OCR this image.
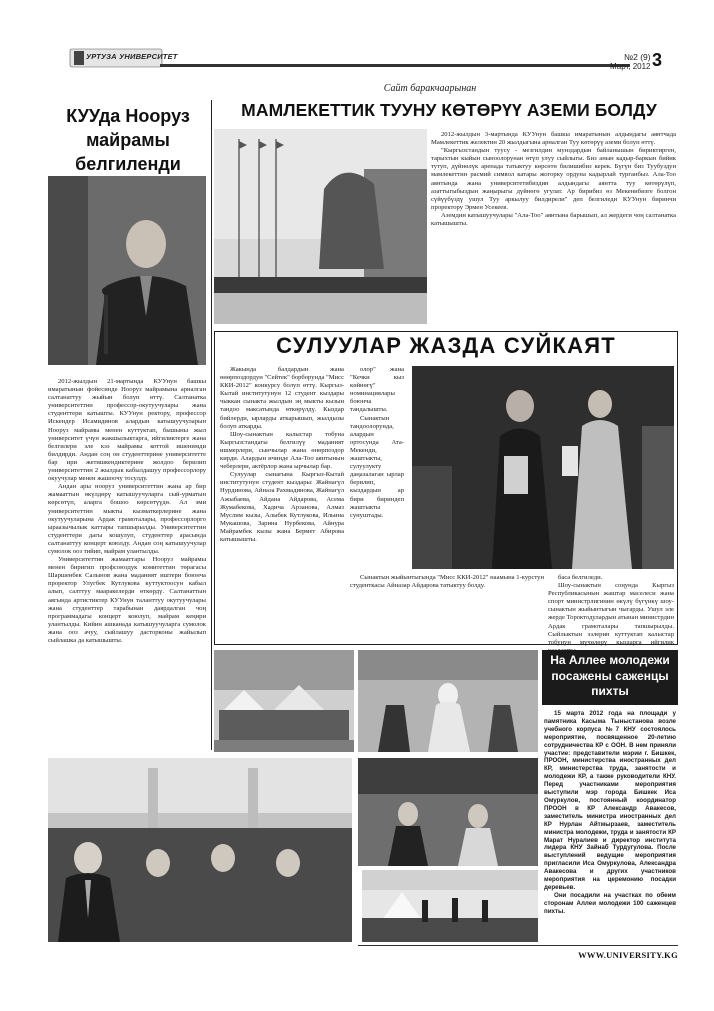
УРТУЗА УНИВЕРСИТЕТ	№2 (9)
Март, 2012 3
КУУда Нооруз
майрамы
белгиленди

2012-жылдын 21-мартында КУУнун башкы имаратынын фойесинде Нооруз майрамына арналган салтанаттуу жыйын болуп өттү. Салтанатка университеттин профессор-окутуучулары жана студенттери катышты. КУУнун ректору, профессор Искендер Исамидинов алардын катышуучуларын Нооруз майрамы менен куттуктап, бышыны жыл университет үчүн жакшылыктарга, ийгиликтерге жана белгилери эле кээ майрамы коттой ишенимди билдирди. Андан соң он студенттерине университетте бар ири жетишкендиктерине жолдоо берилип университеттин 2 жылдык кабылдашуу профессорлору окуучулар менен жашоочу тосулду.

Андан ары нооруз университеттин жана ар бир жамааттын өкүлдөрү катышуучуларга сый-урматын көрсөтүп, аларга бошоо көрсөтүүдө. Ал эми университеттин мыкты кызматкерлерине жана окутуучуларына Ардак грамоталары, профессорлорго ыраазычылык каттары тапшырылды. Университеттин студенттери дагы кошулуп, студенттер арасында салтанаттуу концерт коюлду. Андан соң катышуучулар сумолок ооз тийип, майрам улантылды.

Университеттин жамааттары Нооруз майрамы менен биригип профсоюздук комитеттин төрагасы Шаршенбек Салынов жана маданият иштери боюнча проректор Улугбек Кутлукова куттуктоосун кабыл алып, салттуу мааракелерди өткөрдү. Салтанаттын аягында артистиктер КУУнун таланттуу окутуучулары жана студенттер тарабынан даярдалган чоң программадагы концерт коюлуп, майрам кеңири улантылды. Кийин ашканада катышуучуларга сумолок жана ооз ачуу, сыйлашуу дасторконы жайылып сыйлашка да катышышты.

Сайт баракчаарынан
МАМЛЕКЕТТИК ТУУНУ КӨТӨРҮҮ АЗЕМИ БОЛДУ

2012-жылдын 3-мартында КУУнун башкы имаратынын алдындагы аянтчада Мамлекеттик желектин 20 жылдыгына арналган Туу көтөрүү аземи болуп өттү.

"Кыргызстандын туусу - мезгилдин мунздардын байланышын бириктирген, тарыхтын кыйын сыноолорунан өтүп улуу сыйлыгы. Биз анын кадыр-баркын бийик тутуп, дүйнөлүк аренада татыктуу көрсөтө билишибиз керек. Бүгүн биз Туубуздун мамлекеттин расмий символ катары жогорку ордуна кадырлай турганбыз. Ала-Тоо аянтында жана университетибиздин алдындагы аянтта туу көтөрүлүп, азаттыгыбыздын жаңырыгы дүйнөгө угулат. Ар бирибиз өз Мекенибизге болгон сүйүүбүздү ушул Туу аркылуу билдирели" деп белгиледи КУУнун биринчи проректору Эрмен Усекеев.

Аземдин катышуучулары "Ала-Тоо" аянтына барышып, ал жердеги чоң салтанатка катышышты.

СУЛУУЛАР ЖАЗДА СУЙКАЯТ

Жакында балдардын жана өнөрпоздордун "Сейтек" борборунда "Мисс ККИ-2012" конкурсу болуп өттү. Кыргыз-Кытай институтунун 12 студент кыздары чыккан сынакта жылдын эң мыкты кызын тандоо максатында өткөрүлдү. Кыздар бийлерди, ырларды аткарышып, жылдызы болуп аткарды.

Шоу-сынактын калыстар тобуна Кыргызстандагы белгилүү маданият ишмерлери, сынчылар жана өнөрпоздор кирди. Алардын ичинде Ала-Тоо аянтынын чеберлери, актёрлор жана ырчылар бар.

Сулуулар сынагына Кыргыз-Кытай институтунун студент кыздары: Жайнагүл Нурдинова, Айназа Рахмадинова, Жайнагүл Ажыбаева, Айдана Айдарова, Асема Жумабекова, Хадича Арзанова, Алмаз Муслим кызы, Алыбек Кутлукова, Ильина Мукашова, Зарина Нурбекова, Айнура Майрамбек кызы жана Бермет Абирова катышышты.

олор" жана "Кечки кыз көйнөгү" номинациялары боюнча тандалышты.

Сынактын тандоолорунда, алардын ортосунда Ата-Мекенди, жаштыкты, сулуулукту даңазалаган ырлар берилип, кыздардын ар бири бириндеп жаштыкты сунуштады.

Сынактын жыйынтыгында "Мисс ККИ-2012" наамына 1-курстун студенткасы Айназар Айдарова татыктуу болду.

баса белгиледи.

Шоу-сынактын соңунда Кыргыз Республикасынын жаштар маселеси жана спорт министрлигинин өкүлү бүгүнкү шоу-сынактын жыйынтыгын чыгарды. Ушул эле жерде Тороктодулардын атынан министрдин Ардак грамоталары тапшырылды. Сыйлыктын ээлерин куттуктап калыстар тобунун мүчөлөрү кыздарга ийгилик

На Аллее молодежи
посажены саженцы
пихты

15 марта 2012 года на площади у памятника Касыма Тыныстанова возле учебного корпуса №7 КНУ состоялось мероприятие, посвященное 20-летию сотрудничества КР с ООН. В нем приняли участие: представители мэрии г. Бишкек, ПРООН, министерства иностранных дел КР, министерства труда, занятости и молодежи КР, а также руководители КНУ. Перед участниками мероприятия выступили мэр города Бишкек Иса Омуркулов, постоянный координатор ПРООН в КР Александр Авакесов, заместитель министра иностранных дел КР Нурлан Айтмырзаев, заместитель министра молодежи, труда и занятости КР Марат Нуралиев и директор института лидера КНУ Зайнаб Турдугулова. После выступлений ведущие мероприятия пригласили Иса Омуркулова, Александра Авакесова и других участников мероприятия на церемонию посадки деревьев.

Они посадили на участках по обеим сторонам Аллеи молодежи 100 саженцев пихты.

WWW.UNIVERSITY.KG
